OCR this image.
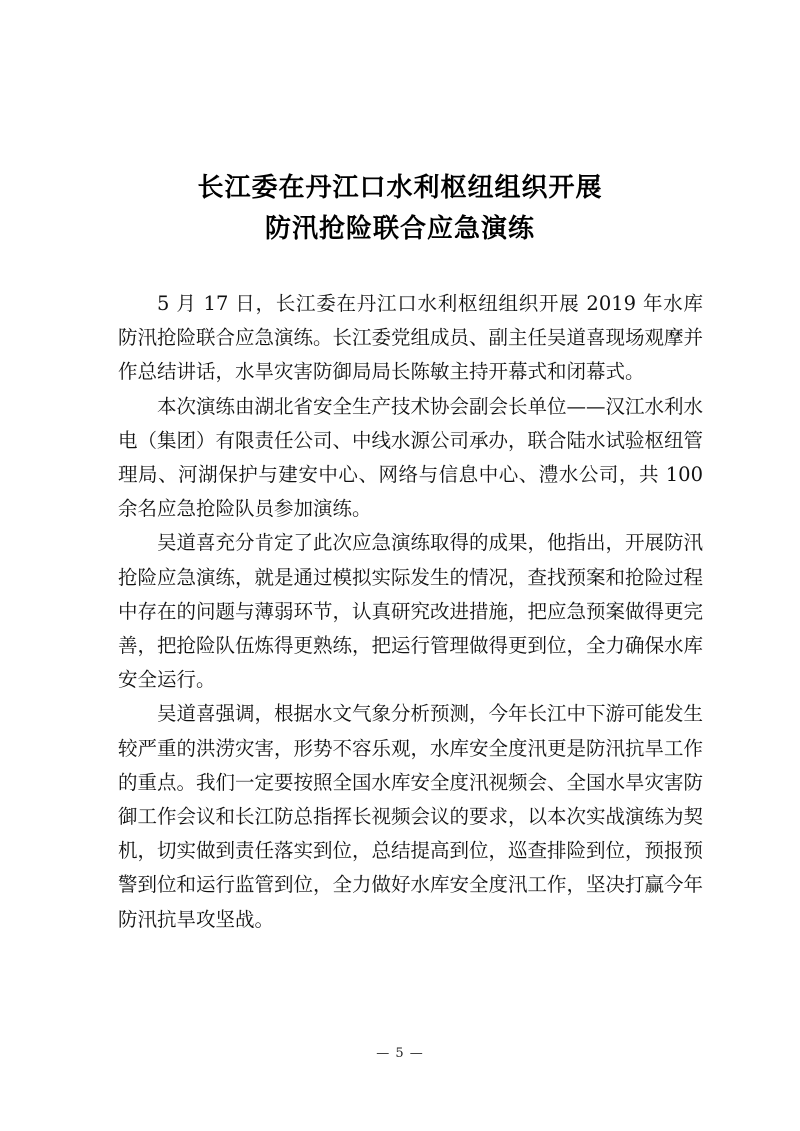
长江委在丹江口水利枢纽组织开展
防汛抢险联合应急演练

5 月 17 日，长江委在丹江口水利枢纽组织开展 2019 年水库防汛抢险联合应急演练。长江委党组成员、副主任吴道喜现场观摩并作总结讲话，水旱灾害防御局局长陈敏主持开幕式和闭幕式。

本次演练由湖北省安全生产技术协会副会长单位——汉江水利水电（集团）有限责任公司、中线水源公司承办，联合陆水试验枢纽管理局、河湖保护与建安中心、网络与信息中心、澧水公司，共 100余名应急抢险队员参加演练。

吴道喜充分肯定了此次应急演练取得的成果，他指出，开展防汛抢险应急演练，就是通过模拟实际发生的情况，查找预案和抢险过程中存在的问题与薄弱环节，认真研究改进措施，把应急预案做得更完善，把抢险队伍炼得更熟练，把运行管理做得更到位，全力确保水库安全运行。

吴道喜强调，根据水文气象分析预测，今年长江中下游可能发生较严重的洪涝灾害，形势不容乐观，水库安全度汛更是防汛抗旱工作的重点。我们一定要按照全国水库安全度汛视频会、全国水旱灾害防御工作会议和长江防总指挥长视频会议的要求，以本次实战演练为契机，切实做到责任落实到位，总结提高到位，巡查排险到位，预报预警到位和运行监管到位，全力做好水库安全度汛工作，坚决打赢今年防汛抗旱攻坚战。

— 5 —
